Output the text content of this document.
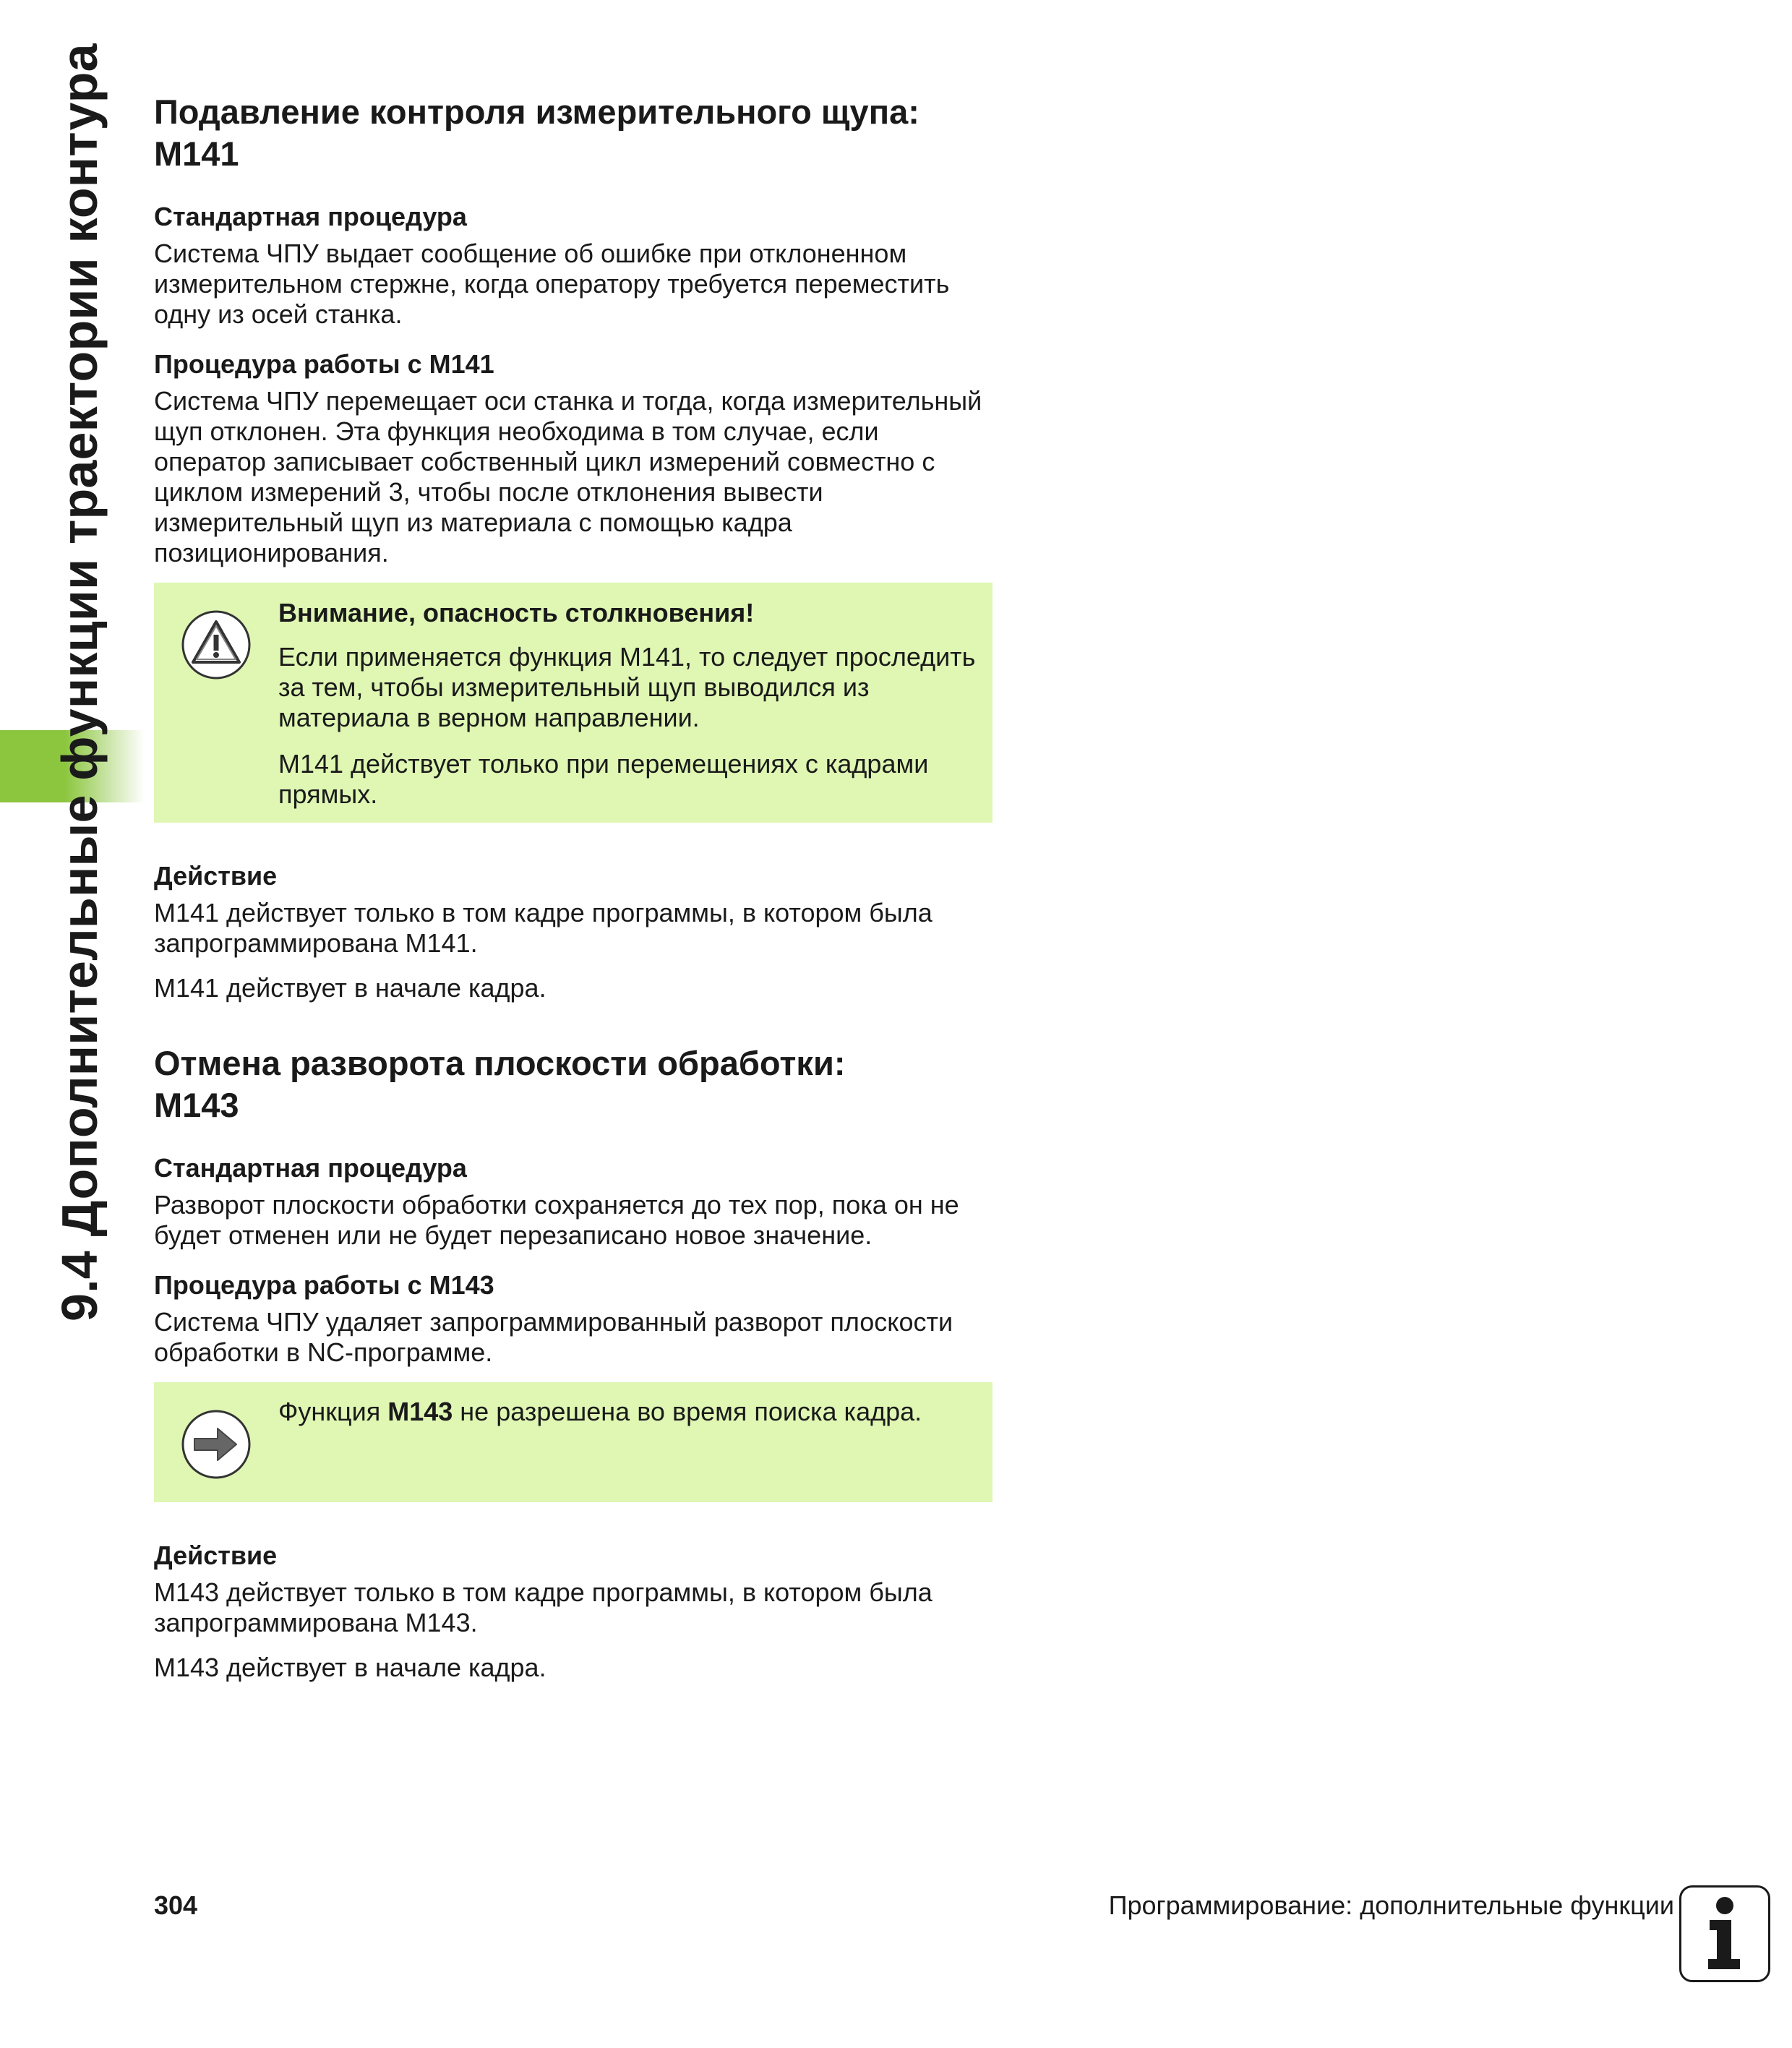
9.4 Дополнительные функции траектории контура Подавление контроля измерительного щупа:
M141
Стандартная процедура
Система ЧПУ выдает сообщение об ошибке при отклоненном измерительном стержне, когда оператору требуется переместить одну из осей станка.
Процедура работы с M141
Система ЧПУ перемещает оси станка и тогда, когда измерительный щуп отклонен. Эта функция необходима в том случае, если оператор записывает собственный цикл измерений совместно с циклом измерений 3, чтобы после отклонения вывести измерительный щуп из материала с помощью кадра позиционирования.
Внимание, опасность столкновения!
Если применяется функция M141, то следует проследить за тем, чтобы измерительный щуп выводился из материала в верном направлении.
M141 действует только при перемещениях с кадрами прямых.
Действие
M141 действует только в том кадре программы, в котором была запрограммирована M141.
M141 действует в начале кадра.
Отмена разворота плоскости обработки:
M143
Стандартная процедура
Разворот плоскости обработки сохраняется до тех пор, пока он не будет отменен или не будет перезаписано новое значение.
Процедура работы с M143
Система ЧПУ удаляет запрограммированный разворот плоскости обработки в NC-программе.
Функция M143 не разрешена во время поиска кадра.
Действие
M143 действует только в том кадре программы, в котором была запрограммирована M143.
M143 действует в начале кадра.
304	Программирование: дополнительные функции
